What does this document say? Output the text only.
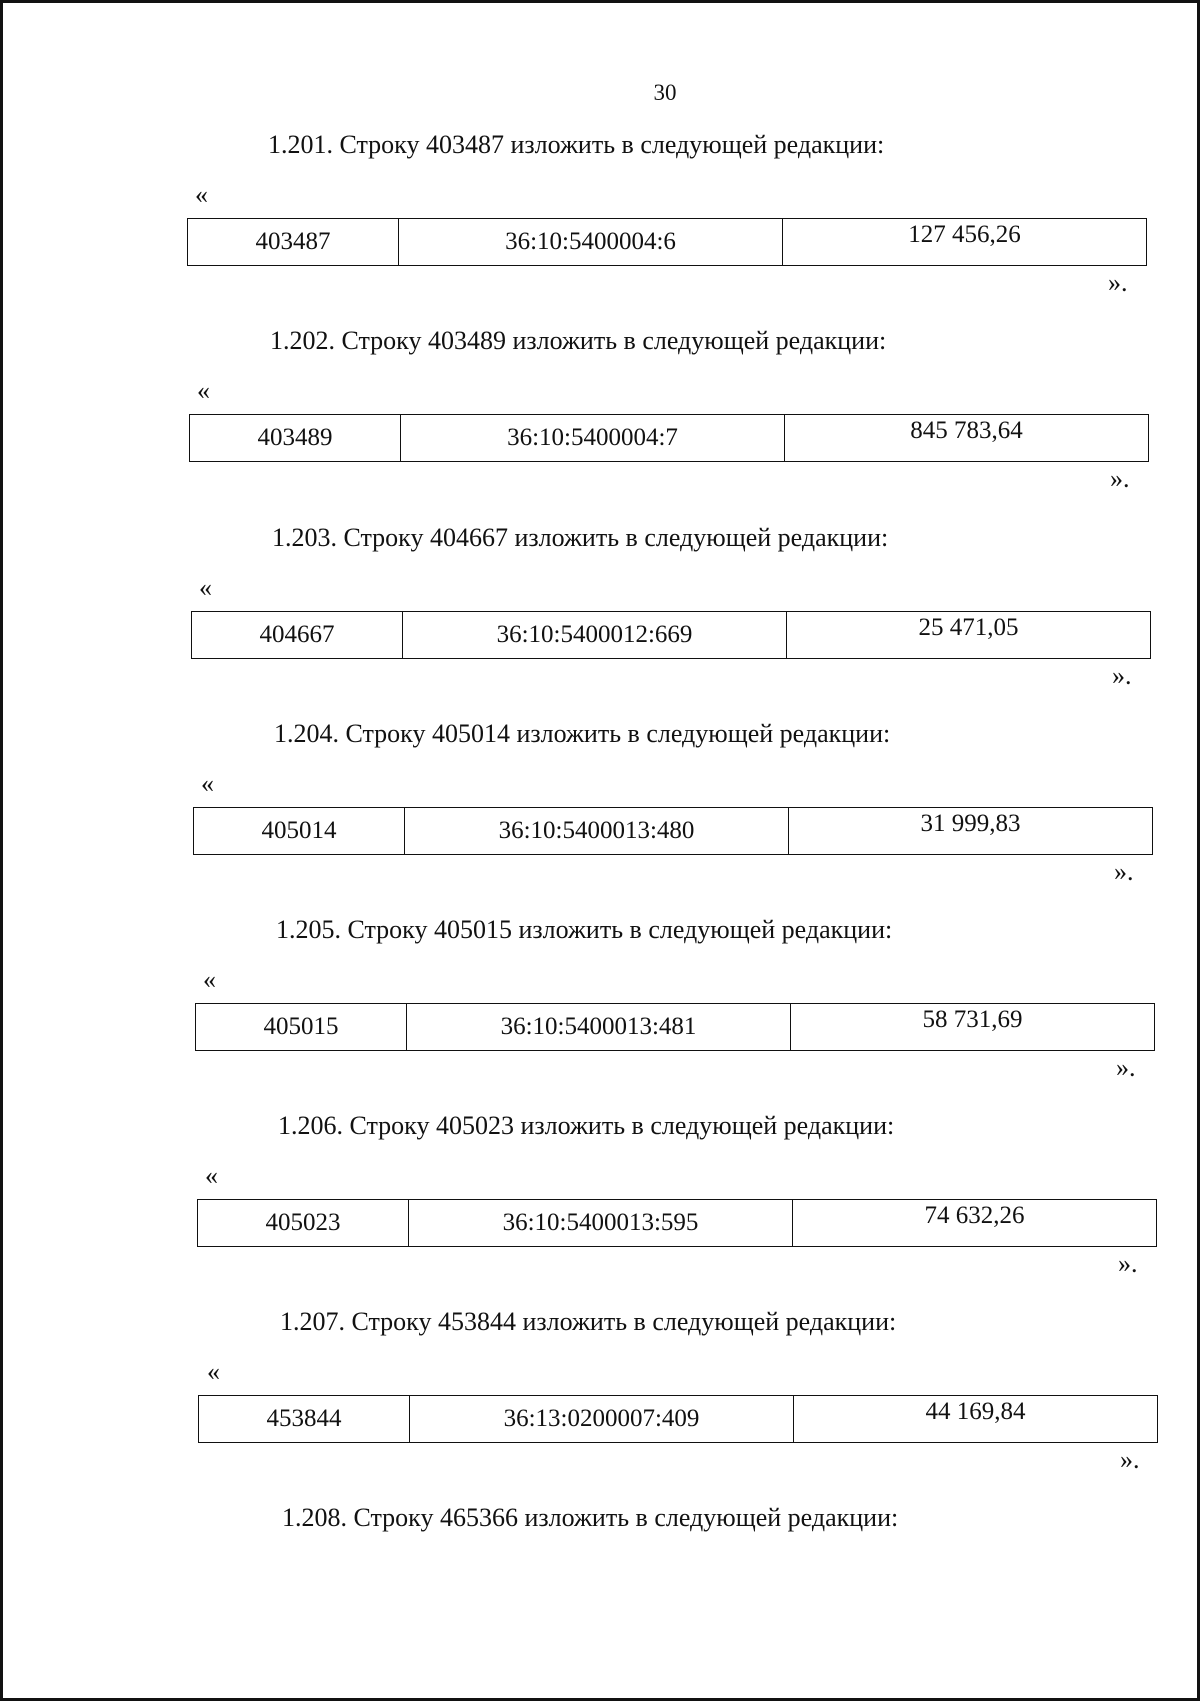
30
1.201. Строку 403487 изложить в следующей редакции:
«
403487	36:10:5400004:6	127 456,26
».
1.202. Строку 403489 изложить в следующей редакции:
«
403489	36:10:5400004:7	845 783,64
».
1.203. Строку 404667 изложить в следующей редакции:
«
404667	36:10:5400012:669	25 471,05
».
1.204. Строку 405014 изложить в следующей редакции:
«
405014	36:10:5400013:480	31 999,83
».
1.205. Строку 405015 изложить в следующей редакции:
«
405015	36:10:5400013:481	58 731,69
».
1.206. Строку 405023 изложить в следующей редакции:
«
405023	36:10:5400013:595	74 632,26
».
1.207. Строку 453844 изложить в следующей редакции:
«
453844	36:13:0200007:409	44 169,84
».
1.208. Строку 465366 изложить в следующей редакции:
